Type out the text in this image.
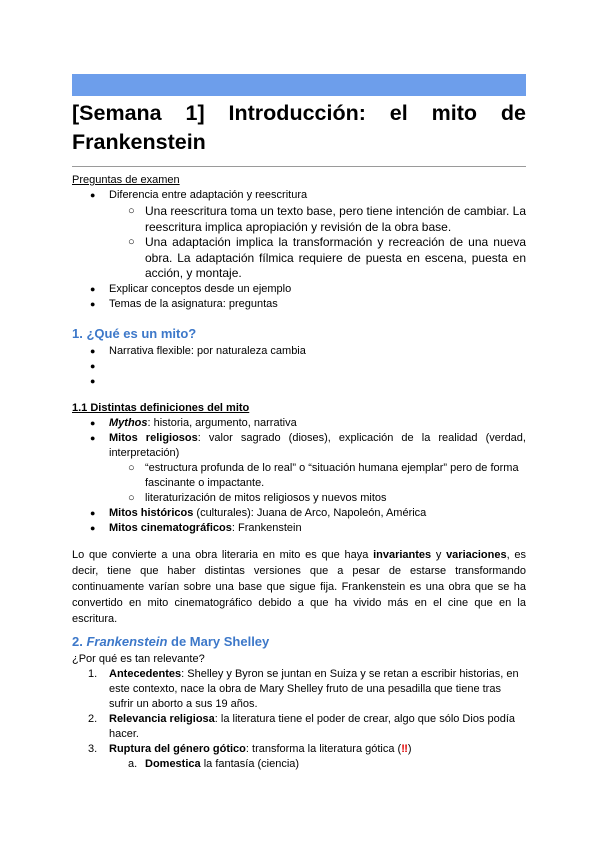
[Semana 1] Introducción: el mito de Frankenstein

Preguntas de examen

● Diferencia entre adaptación y reescritura
○ Una reescritura toma un texto base, pero tiene intención de cambiar. La reescritura implica apropiación y revisión de la obra base.
○ Una adaptación implica la transformación y recreación de una nueva obra. La adaptación fílmica requiere de puesta en escena, puesta en acción, y montaje.
● Explicar conceptos desde un ejemplo
● Temas de la asignatura: preguntas

1. ¿Qué es un mito?

● Narrativa flexible: por naturaleza cambia
●
●

1.1 Distintas definiciones del mito

● Mythos: historia, argumento, narrativa
● Mitos religiosos: valor sagrado (dioses), explicación de la realidad (verdad, interpretación)
○ “estructura profunda de lo real” o “situación humana ejemplar” pero de forma fascinante o impactante.
○ literaturización de mitos religiosos y nuevos mitos
● Mitos históricos (culturales): Juana de Arco, Napoleón, América
● Mitos cinematográficos: Frankenstein
Lo que convierte a una obra literaria en mito es que haya invariantes y variaciones, es decir, tiene que haber distintas versiones que a pesar de estarse transformando continuamente varían sobre una base que sigue fija. Frankenstein es una obra que se ha convertido en mito cinematográfico debido a que ha vivido más en el cine que en la escritura.

2. Frankenstein de Mary Shelley

¿Por qué es tan relevante?

1. Antecedentes: Shelley y Byron se juntan en Suiza y se retan a escribir historias, en este contexto, nace la obra de Mary Shelley fruto de una pesadilla que tiene tras sufrir un aborto a sus 19 años.
2. Relevancia religiosa: la literatura tiene el poder de crear, algo que sólo Dios podía hacer.
3. Ruptura del género gótico: transforma la literatura gótica (‼)
a. Domestica la fantasía (ciencia)
